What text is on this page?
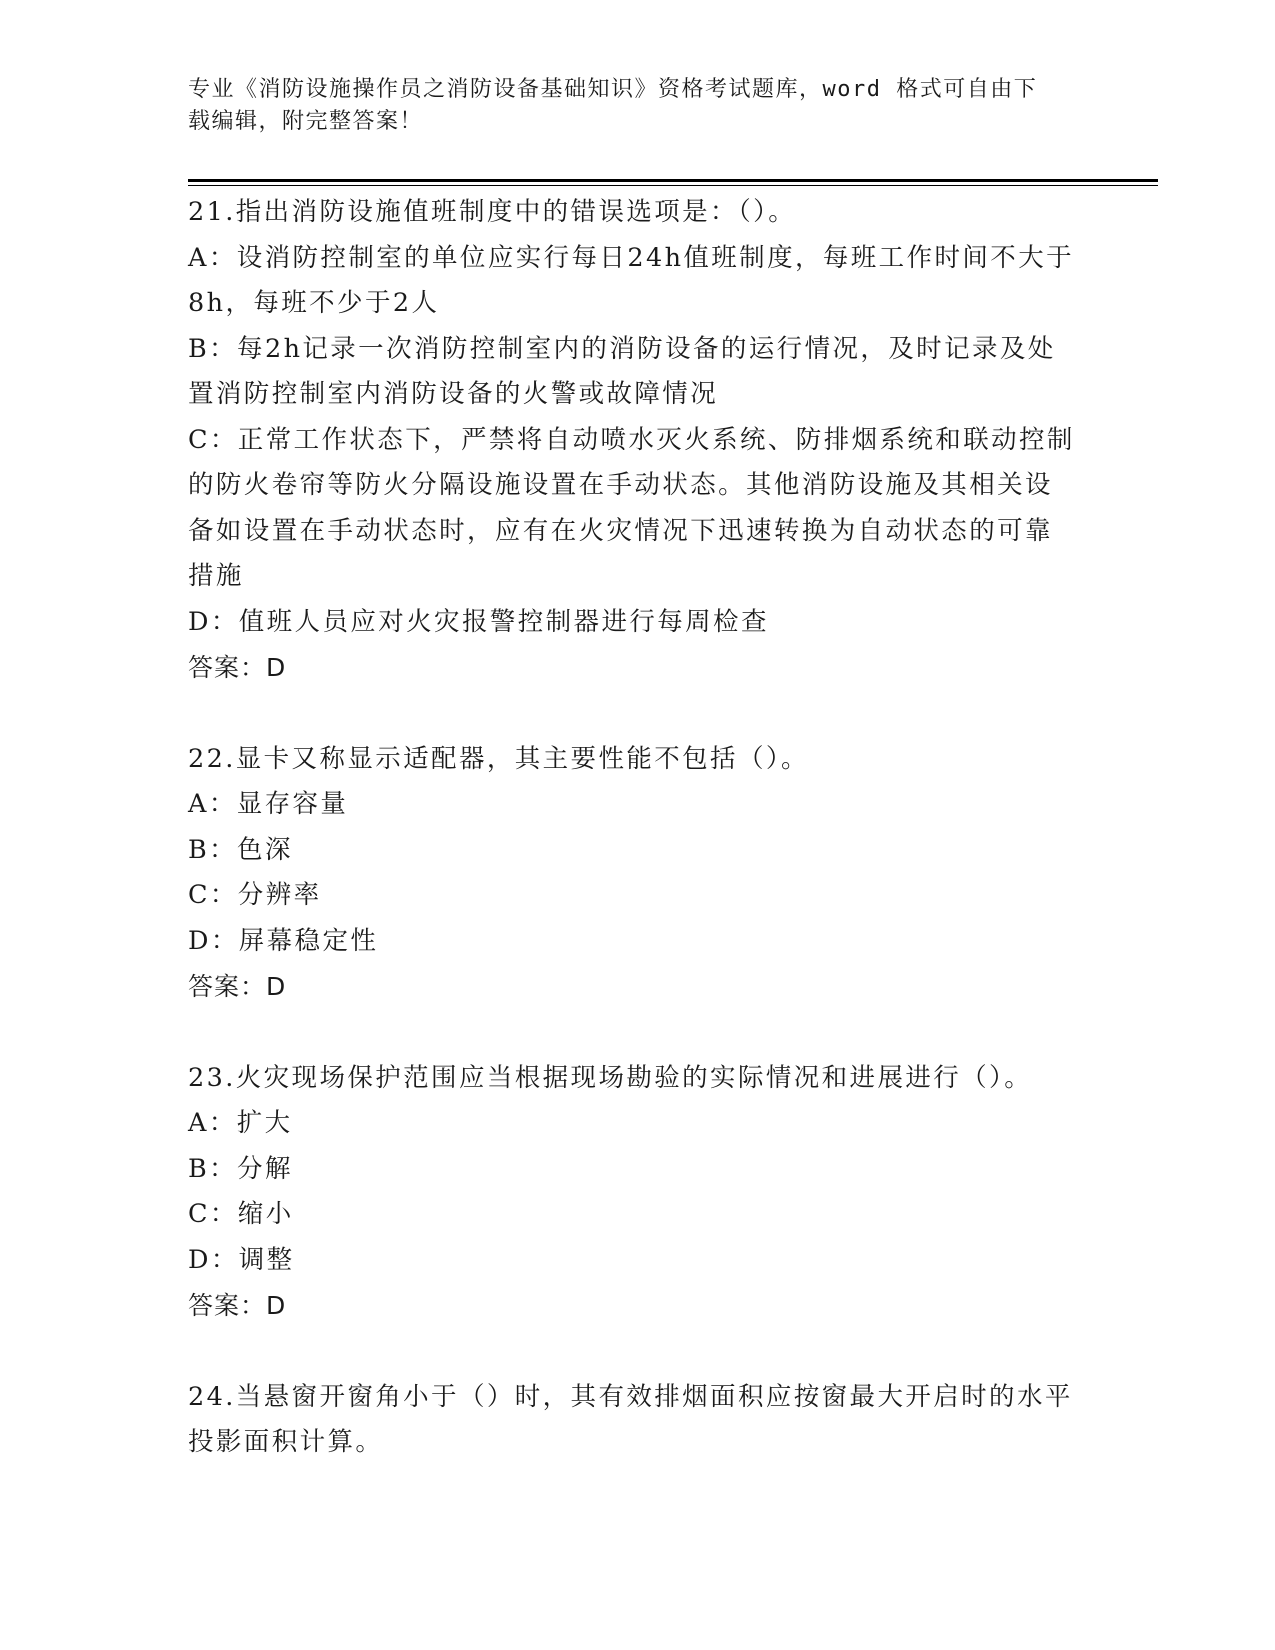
专业《消防设施操作员之消防设备基础知识》资格考试题库，word 格式可自由下
载编辑，附完整答案！

21.指出消防设施值班制度中的错误选项是：（）。

A：设消防控制室的单位应实行每日24h值班制度，每班工作时间不大于8h，每班不少于2人

B：每2h记录一次消防控制室内的消防设备的运行情况，及时记录及处置消防控制室内消防设备的火警或故障情况

C：正常工作状态下，严禁将自动喷水灭火系统、防排烟系统和联动控制的防火卷帘等防火分隔设施设置在手动状态。其他消防设施及其相关设备如设置在手动状态时，应有在火灾情况下迅速转换为自动状态的可靠措施

D：值班人员应对火灾报警控制器进行每周检查

答案：D

22.显卡又称显示适配器，其主要性能不包括（）。

A：显存容量

B：色深

C：分辨率

D：屏幕稳定性

答案：D

23.火灾现场保护范围应当根据现场勘验的实际情况和进展进行（）。

A：扩大

B：分解

C：缩小

D：调整

答案：D

24.当悬窗开窗角小于（）时，其有效排烟面积应按窗最大开启时的水平投影面积计算。
